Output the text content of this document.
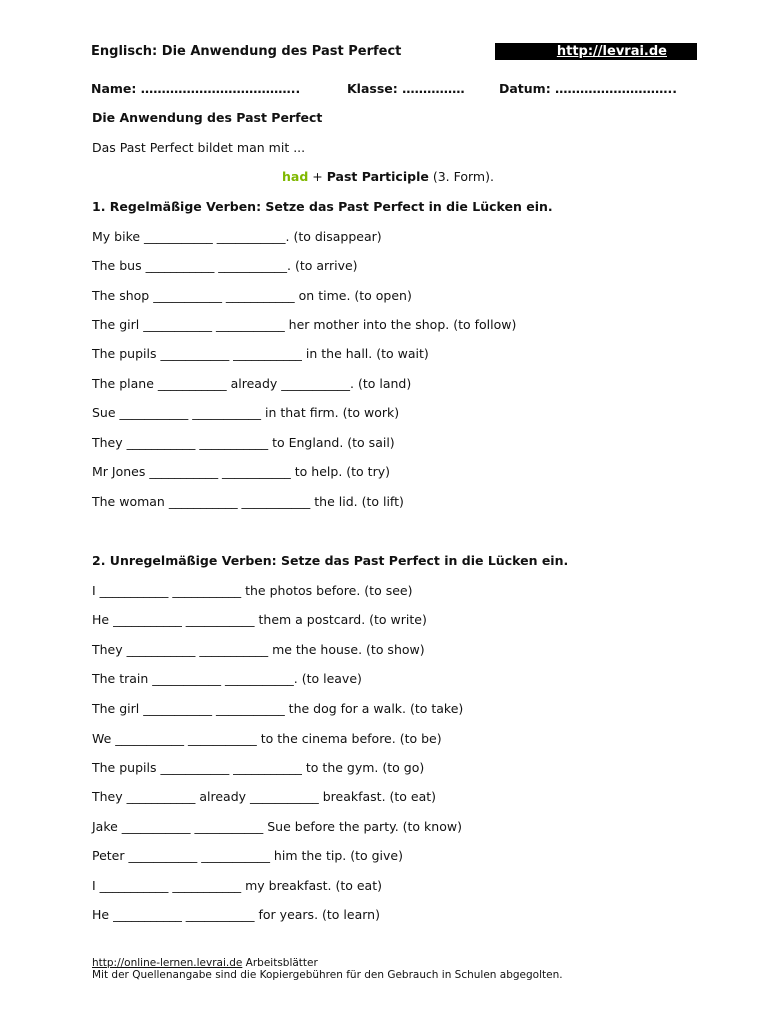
Englisch: Die Anwendung des Past Perfect	http://levrai.de
Name: ………………………………..	Klasse: ……………	Datum: ………………………..
Die Anwendung des Past Perfect
Das Past Perfect bildet man mit ...
had + Past Participle (3. Form).
1. Regelmäßige Verben: Setze das Past Perfect in die Lücken ein.
My bike ___________ ___________. (to disappear)
The bus ___________ ___________. (to arrive)
The shop ___________ ___________ on time. (to open)
The girl ___________ ___________ her mother into the shop. (to follow)
The pupils ___________ ___________ in the hall. (to wait)
The plane ___________ already ___________. (to land)
Sue ___________ ___________ in that firm. (to work)
They ___________ ___________ to England. (to sail)
Mr Jones ___________ ___________ to help. (to try)
The woman ___________ ___________ the lid. (to lift)
2. Unregelmäßige Verben: Setze das Past Perfect in die Lücken ein.
I ___________ ___________ the photos before. (to see)
He ___________ ___________ them a postcard. (to write)
They ___________ ___________ me the house. (to show)
The train ___________ ___________. (to leave)
The girl ___________ ___________ the dog for a walk. (to take)
We ___________ ___________ to the cinema before. (to be)
The pupils ___________ ___________ to the gym. (to go)
They ___________ already ___________ breakfast. (to eat)
Jake ___________ ___________ Sue before the party. (to know)
Peter ___________ ___________ him the tip. (to give)
I ___________ ___________ my breakfast. (to eat)
He ___________ ___________ for years. (to learn)
http://online-lernen.levrai.de Arbeitsblätter
Mit der Quellenangabe sind die Kopiergebühren für den Gebrauch in Schulen abgegolten.
